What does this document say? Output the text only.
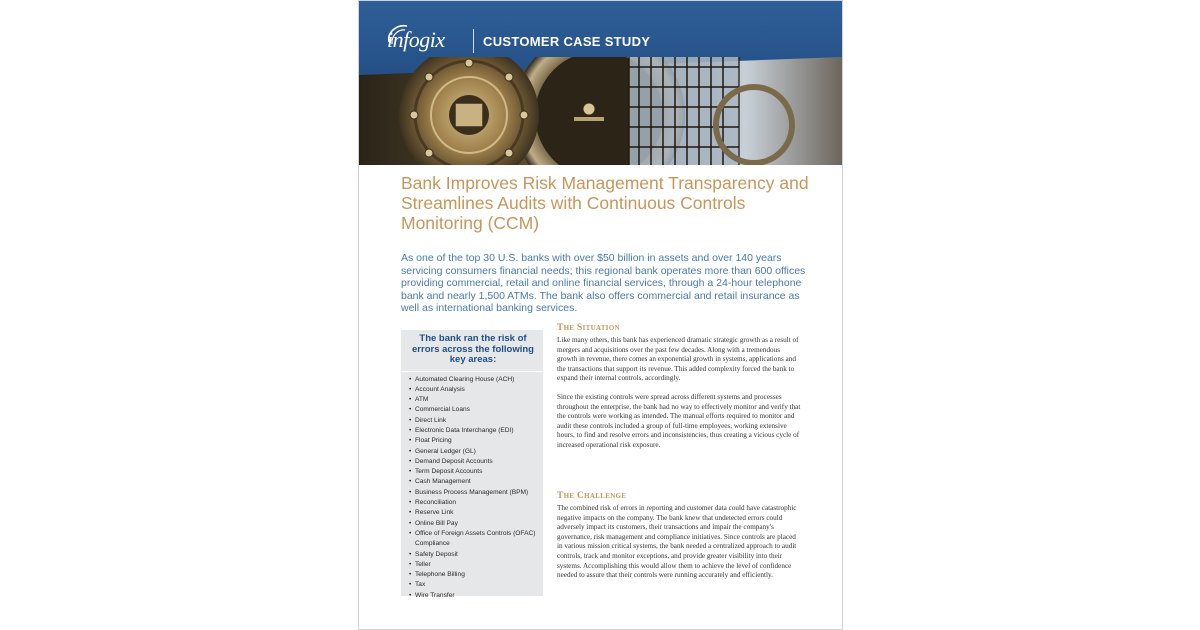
infogix	CUSTOMER CASE STUDY
Bank Improves Risk Management Transparency and Streamlines Audits with Continuous Controls Monitoring (CCM)

As one of the top 30 U.S. banks with over $50 billion in assets and over 140 years servicing consumers financial needs; this regional bank operates more than 600 offices providing commercial, retail and online financial services, through a 24-hour telephone bank and nearly 1,500 ATMs. The bank also offers commercial and retail insurance as well as international banking services.

The bank ran the risk of errors across the following key areas:
• Automated Clearing House (ACH)
• Account Analysis
• ATM
• Commercial Loans
• Direct Link
• Electronic Data Interchange (EDI)
• Float Pricing
• General Ledger (GL)
• Demand Deposit Accounts
• Term Deposit Accounts
• Cash Management
• Business Process Management (BPM)
• Reconciliation
• Reserve Link
• Online Bill Pay
• Office of Foreign Assets Controls (OFAC) Compliance
• Safety Deposit
• Teller
• Telephone Billing
• Tax
• Wire Transfer
The Situation

Like many others, this bank has experienced dramatic strategic growth as a result of mergers and acquisitions over the past few decades. Along with a tremendous growth in revenue, there comes an exponential growth in systems, applications and the transactions that support its revenue. This added complexity forced the bank to expand their internal controls, accordingly.

Since the existing controls were spread across different systems and processes throughout the enterprise, the bank had no way to effectively monitor and verify that the controls were working as intended. The manual efforts required to monitor and audit these controls included a group of full-time employees, working extensive hours, to find and resolve errors and inconsistencies, thus creating a vicious cycle of increased operational risk exposure.

The Challenge

The combined risk of errors in reporting and customer data could have catastrophic negative impacts on the company. The bank knew that undetected errors could adversely impact its customers, their transactions and impair the company's governance, risk management and compliance initiatives. Since controls are placed in various mission critical systems, the bank needed a centralized approach to audit controls, track and monitor exceptions, and provide greater visibility into their systems. Accomplishing this would allow them to achieve the level of confidence needed to assure that their controls were running accurately and efficiently.
